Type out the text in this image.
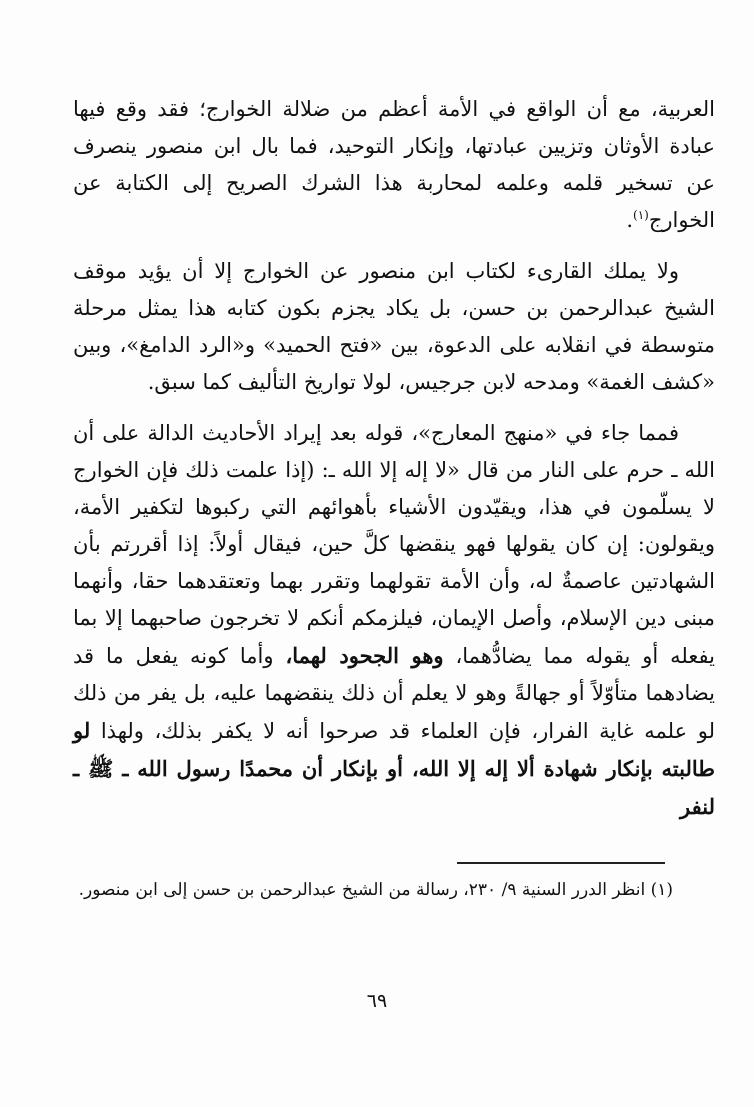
العربية، مع أن الواقع في الأمة أعظم من ضلالة الخوارج؛ فقد وقع فيها عبادة الأوثان وتزيين عبادتها، وإنكار التوحيد، فما بال ابن منصور ينصرف عن تسخير قلمه وعلمه لمحاربة هذا الشرك الصريح إلى الكتابة عن الخوارج$^{(١)}$.

ولا يملك القارىء لكتاب ابن منصور عن الخوارج إلا أن يؤيد موقف الشيخ عبدالرحمن بن حسن، بل يكاد يجزم بكون كتابه هذا يمثل مرحلة متوسطة في انقلابه على الدعوة، بين «فتح الحميد» و«الرد الدامغ»، وبين «كشف الغمة» ومدحه لابن جرجيس، لولا تواريخ التأليف كما سبق.

فمما جاء في «منهج المعارج»، قوله بعد إيراد الأحاديث الدالة على أن الله ـ حرم على النار من قال «لا إله إلا الله ـ: (إذا علمت ذلك فإن الخوارج لا يسلّمون في هذا، ويقيّدون الأشياء بأهوائهم التي ركبوها لتكفير الأمة، ويقولون: إن كان يقولها فهو ينقضها كلَّ حين، فيقال أولاً: إذا أقررتم بأن الشهادتين عاصمةٌ له، وأن الأمة تقولهما وتقرر بهما وتعتقدهما حقا، وأنهما مبنى دين الإسلام، وأصل الإيمان، فيلزمكم أنكم لا تخرجون صاحبهما إلا بما يفعله أو يقوله مما يضادُّهما، وهو الجحود لهما، وأما كونه يفعل ما قد يضادهما متأوّلاً أو جهالةً وهو لا يعلم أن ذلك ينقضهما عليه، بل يفر من ذلك لو علمه غاية الفرار، فإن العلماء قد صرحوا أنه لا يكفر بذلك، ولهذا لو طالبته بإنكار شهادة ألا إله إلا الله، أو بإنكار أن محمدًا رسول الله ـ ﷺ ـ لنفر

(١) انظر الدرر السنية ٩/ ٢٣٠، رسالة من الشيخ عبدالرحمن بن حسن إلى ابن منصور.
٦٩
